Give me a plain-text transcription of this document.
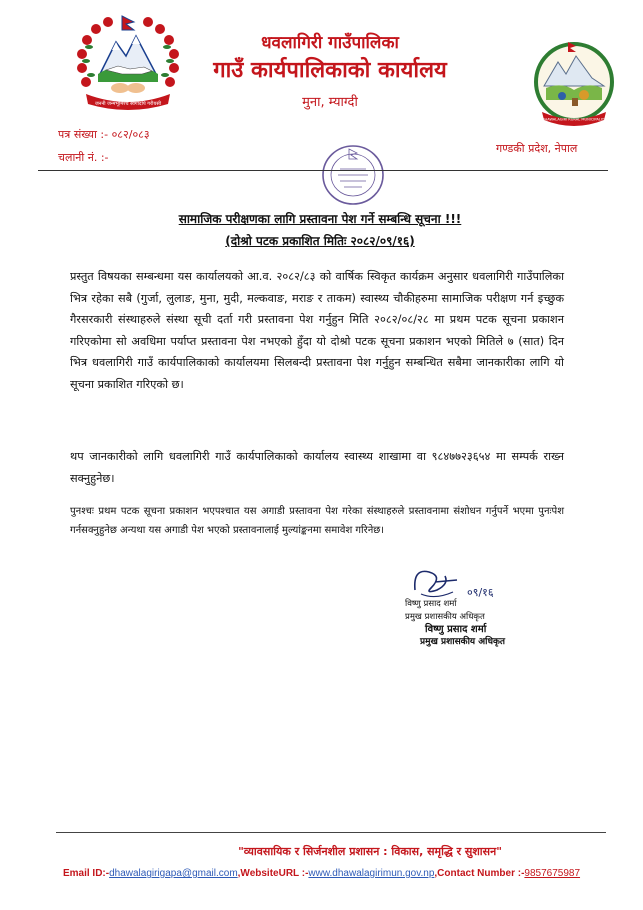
जननी जन्मभूमिश्च स्वर्गादपि गरीयसी
DHAWALAGIRI RURAL MUNICIPALITY
धवलागिरी गाउँपालिका
गाउँ कार्यपालिकाको कार्यालय
मुना, म्याग्दी
पत्र संख्या :- ०८२/०८३
चलानी नं. :-
गण्डकी प्रदेश, नेपाल
सामाजिक परीक्षणका लागि प्रस्तावना पेश गर्ने सम्बन्धि सूचना !!!
(दोश्रो पटक प्रकाशित मितिः २०८२/०९/१६)
प्रस्तुत विषयका सम्बन्धमा यस कार्यालयको आ.व. २०८२/८३ को वार्षिक स्विकृत कार्यक्रम अनुसार धवलागिरी गाउँपालिका भित्र रहेका सबै (गुर्जा, लुलाङ, मुना, मुदी, मल्कवाङ, मराङ र ताकम) स्वास्थ्य चौकीहरुमा सामाजिक परीक्षण गर्न इच्छुक गैरसरकारी संस्थाहरुले संस्था सूची दर्ता गरी प्रस्तावना पेश गर्नुहुन मिति २०८२/०८/२८ मा प्रथम पटक सूचना प्रकाशन गरिएकोमा सो अवधिमा पर्याप्त प्रस्तावना पेश नभएको हुँदा यो दोश्रो पटक सूचना प्रकाशन भएको मितिले ७ (सात) दिन भित्र धवलागिरी गाउँ कार्यपालिकाको कार्यालयमा सिलबन्दी प्रस्तावना पेश गर्नुहुन सम्बन्धित सबैमा जानकारीका लागि यो सूचना प्रकाशित गरिएको छ।
थप जानकारीको लागि धवलागिरी गाउँ कार्यपालिकाको कार्यालय स्वास्थ्य शाखामा वा ९८४७७२३६५४ मा सम्पर्क राख्न सक्नुहुनेछ।
पुनश्चः प्रथम पटक सूचना प्रकाशन भएपश्चात यस अगाडी प्रस्तावना पेश गरेका संस्थाहरुले प्रस्तावनामा संशोधन गर्नुपर्ने भएमा पुनःपेश गर्नसक्नुहुनेछ अन्यथा यस अगाडी पेश भएको प्रस्तावनालाई मुल्यांङ्कनमा समावेश गरिनेछ।
०९/१६
विष्णु प्रसाद शर्मा
प्रमुख प्रशासकीय अधिकृत
विष्णु प्रसाद शर्मा
प्रमुख प्रशासकीय अधिकृत
"व्यावसायिक र सिर्जनशील प्रशासन : विकास, समृद्धि र सुशासन"
Email ID:-dhawalagirigapa@gmail.com,WebsiteURL :-www.dhawalagirimun.gov.np,Contact Number :-9857675987
